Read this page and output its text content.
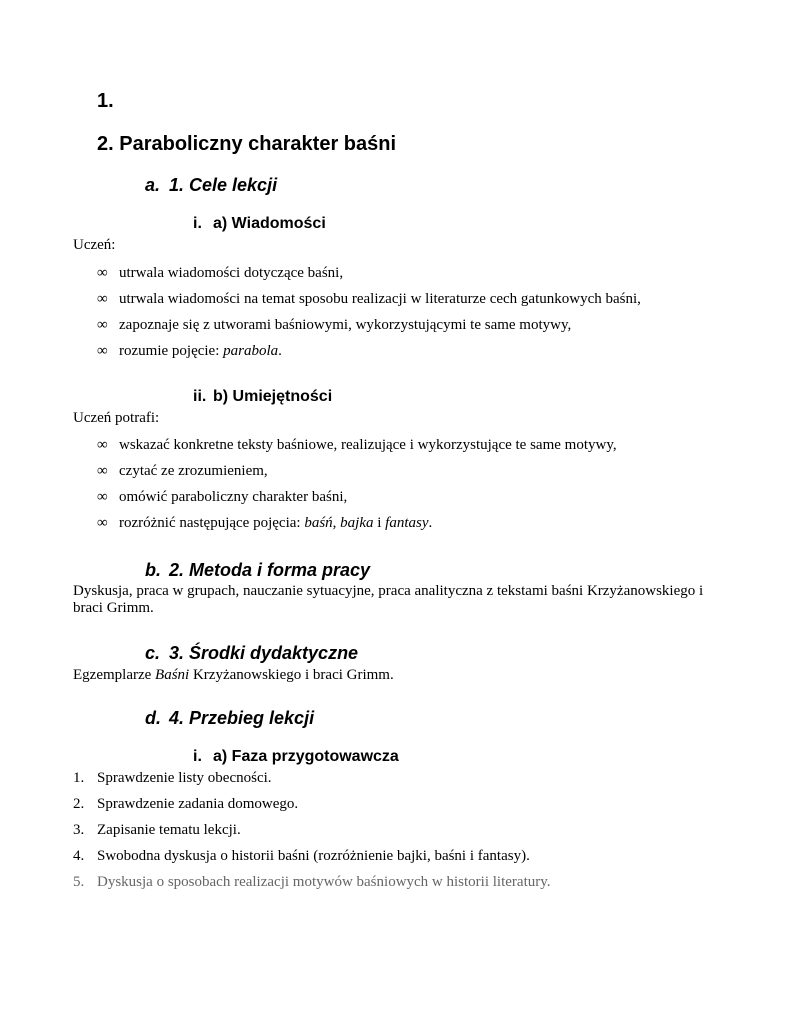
1.
2. Paraboliczny charakter baśni
a. 1. Cele lekcji
i. a) Wiadomości

Uczeń:

∞ utrwala wiadomości dotyczące baśni,
∞ utrwala wiadomości na temat sposobu realizacji w literaturze cech gatunkowych baśni,
∞ zapoznaje się z utworami baśniowymi, wykorzystującymi te same motywy,
∞ rozumie pojęcie: parabola.
ii. b) Umiejętności

Uczeń potrafi:

∞ wskazać konkretne teksty baśniowe, realizujące i wykorzystujące te same motywy,
∞ czytać ze zrozumieniem,
∞ omówić paraboliczny charakter baśni,
∞ rozróżnić następujące pojęcia: baśń, bajka i fantasy.
b. 2. Metoda i forma pracy

Dyskusja, praca w grupach, nauczanie sytuacyjne, praca analityczna z tekstami baśni Krzyżanowskiego i braci Grimm.

c. 3. Środki dydaktyczne

Egzemplarze Baśni Krzyżanowskiego i braci Grimm.

d. 4. Przebieg lekcji
i. a) Faza przygotowawcza
1. Sprawdzenie listy obecności.
2. Sprawdzenie zadania domowego.
3. Zapisanie tematu lekcji.
4. Swobodna dyskusja o historii baśni (rozróżnienie bajki, baśni i fantasy).
5. Dyskusja o sposobach realizacji motywów baśniowych w historii literatury.
